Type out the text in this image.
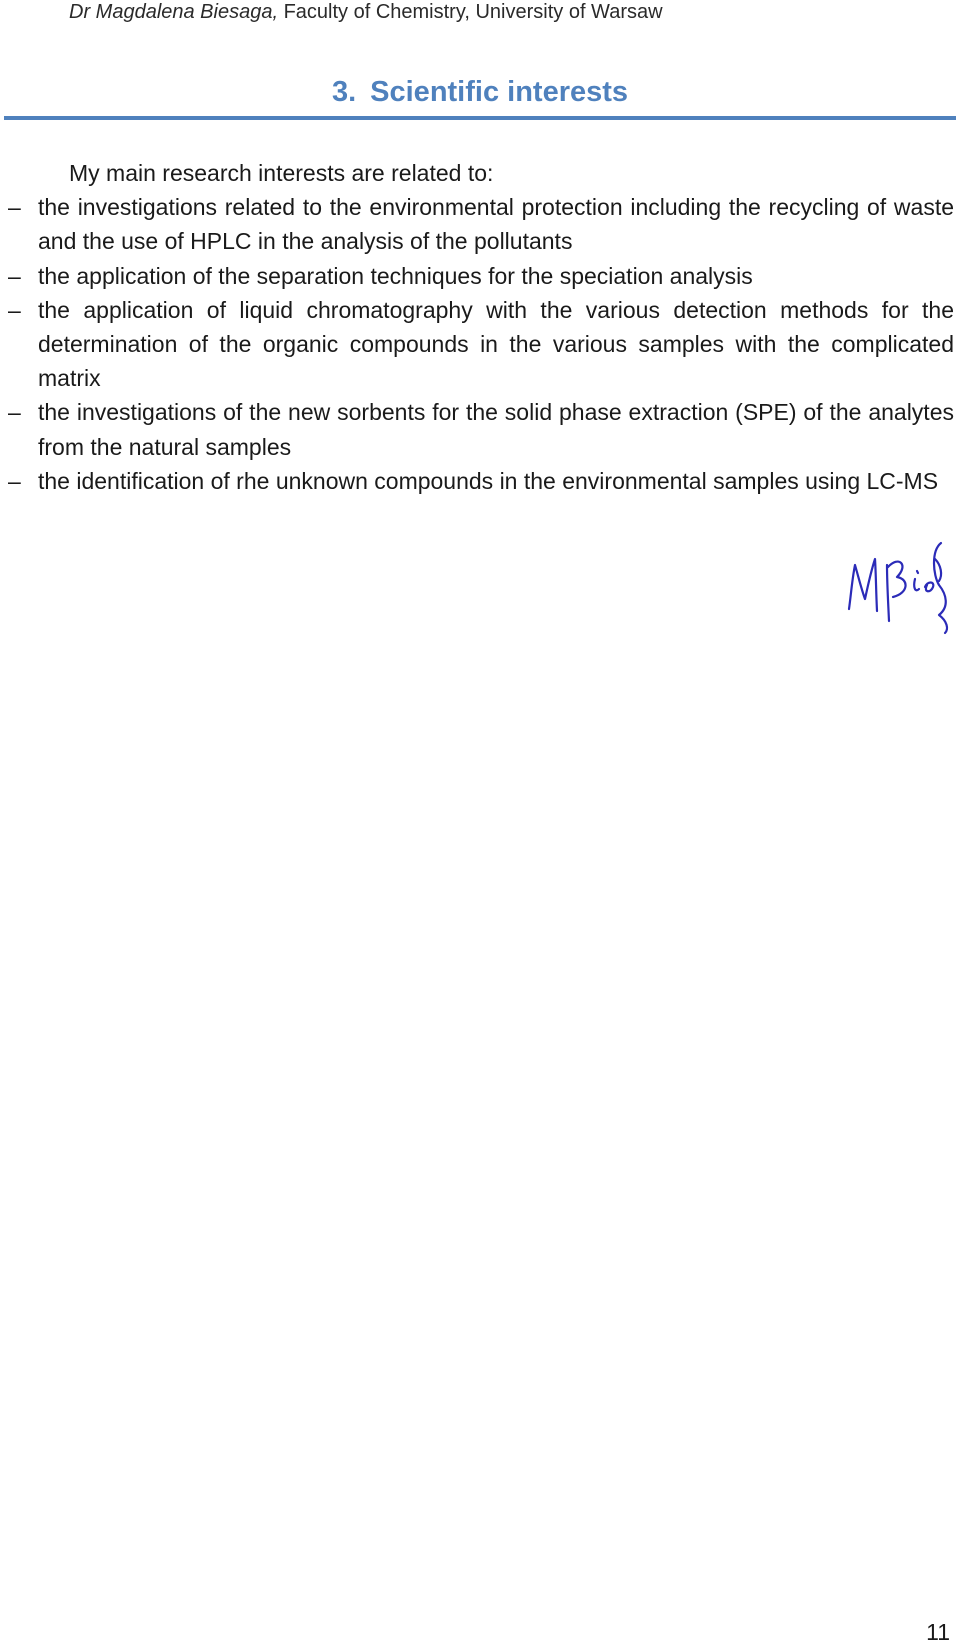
Dr Magdalena Biesaga, Faculty of Chemistry, University of Warsaw
3. Scientific interests
My main research interests are related to:
– the investigations related to the environmental protection including the recycling of waste and the use of HPLC in the analysis of the pollutants
– the application of the separation techniques for the speciation analysis
– the application of liquid chromatography with the various detection methods for the determination of the organic compounds in the various samples with the complicated matrix
– the investigations of the new sorbents for the solid phase extraction (SPE) of the analytes from the natural samples
– the identification of rhe unknown compounds in the environmental samples using LC-MS
11
